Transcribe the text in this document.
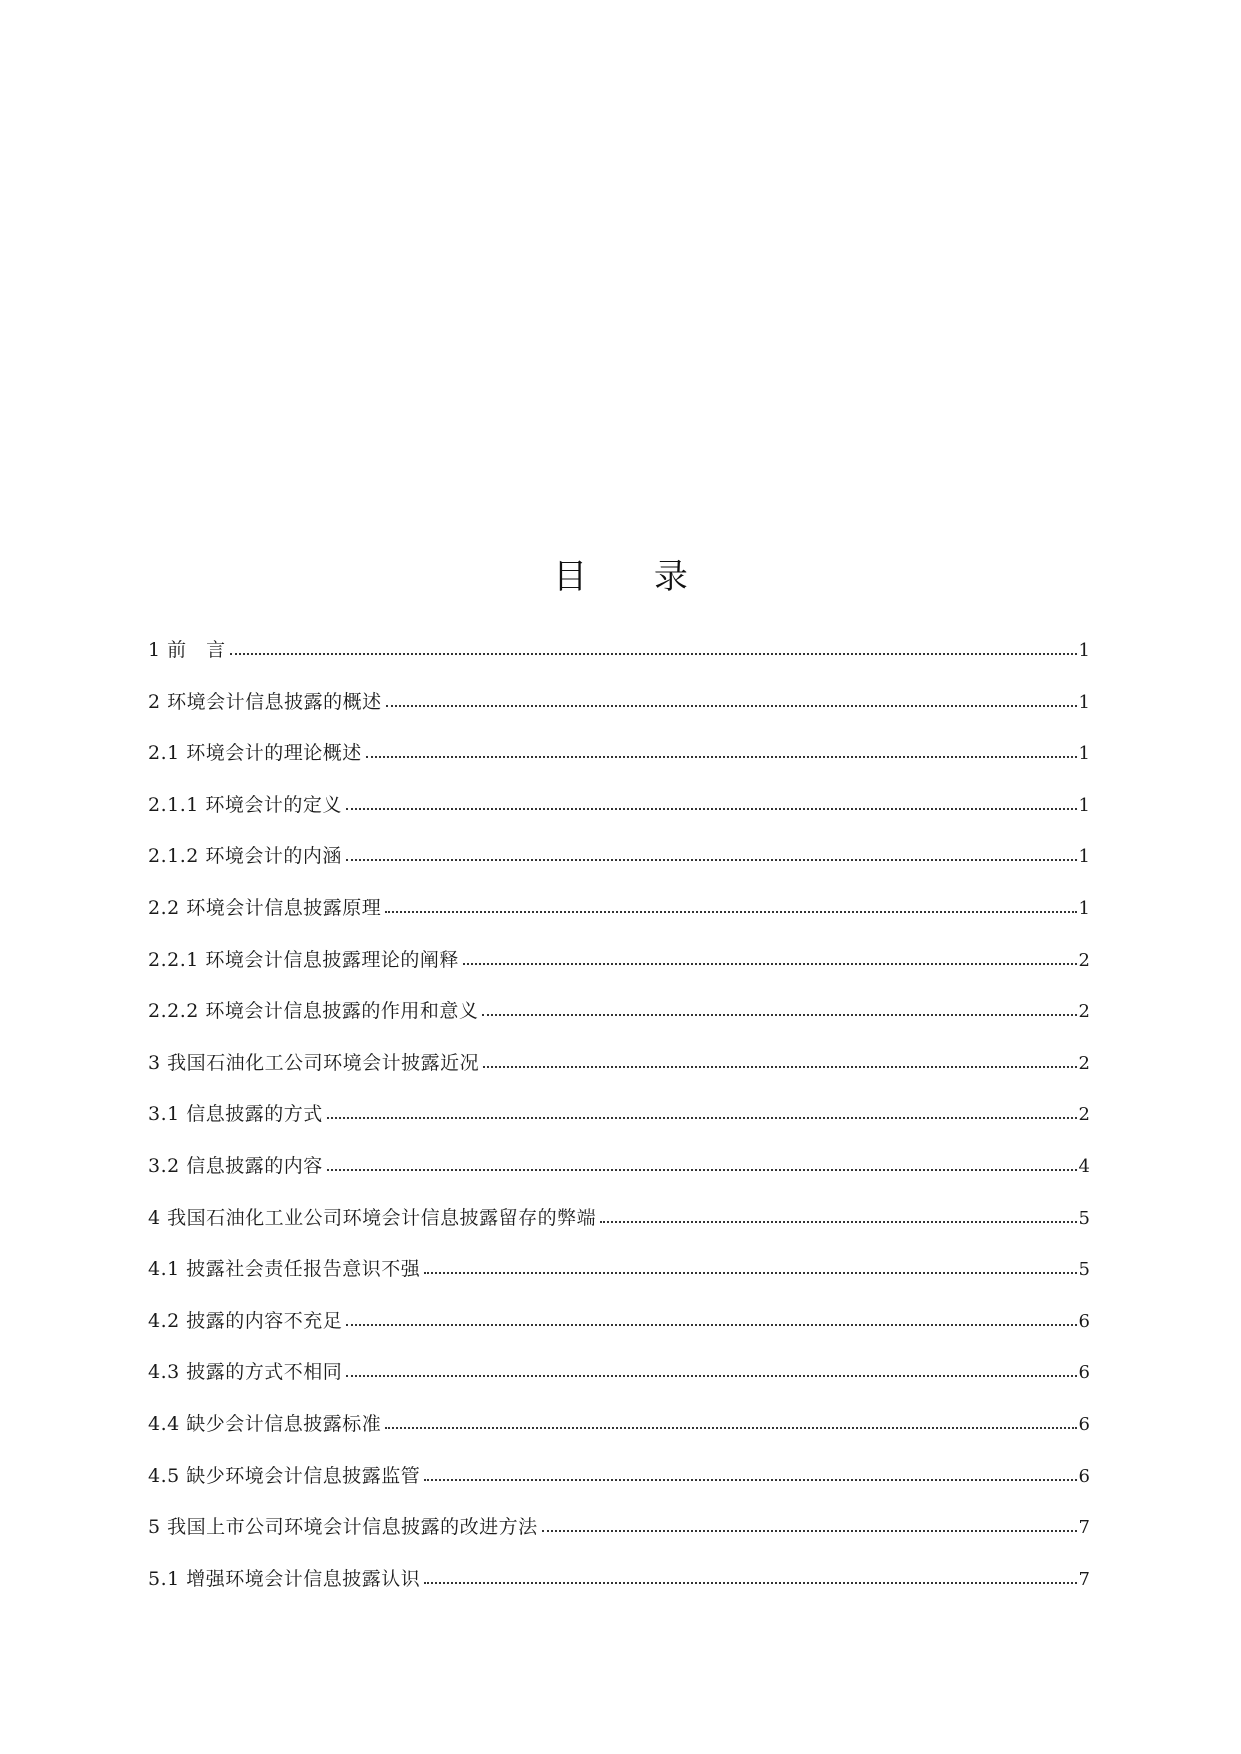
目 录
1 前　言	1
2 环境会计信息披露的概述	1
2.1 环境会计的理论概述	1
2.1.1 环境会计的定义	1
2.1.2 环境会计的内涵	1
2.2 环境会计信息披露原理	1
2.2.1 环境会计信息披露理论的阐释	2
2.2.2 环境会计信息披露的作用和意义	2
3 我国石油化工公司环境会计披露近况	2
3.1 信息披露的方式	2
3.2 信息披露的内容	4
4 我国石油化工业公司环境会计信息披露留存的弊端	5
4.1 披露社会责任报告意识不强	5
4.2 披露的内容不充足	6
4.3 披露的方式不相同	6
4.4 缺少会计信息披露标准	6
4.5 缺少环境会计信息披露监管	6
5 我国上市公司环境会计信息披露的改进方法	7
5.1 增强环境会计信息披露认识	7
